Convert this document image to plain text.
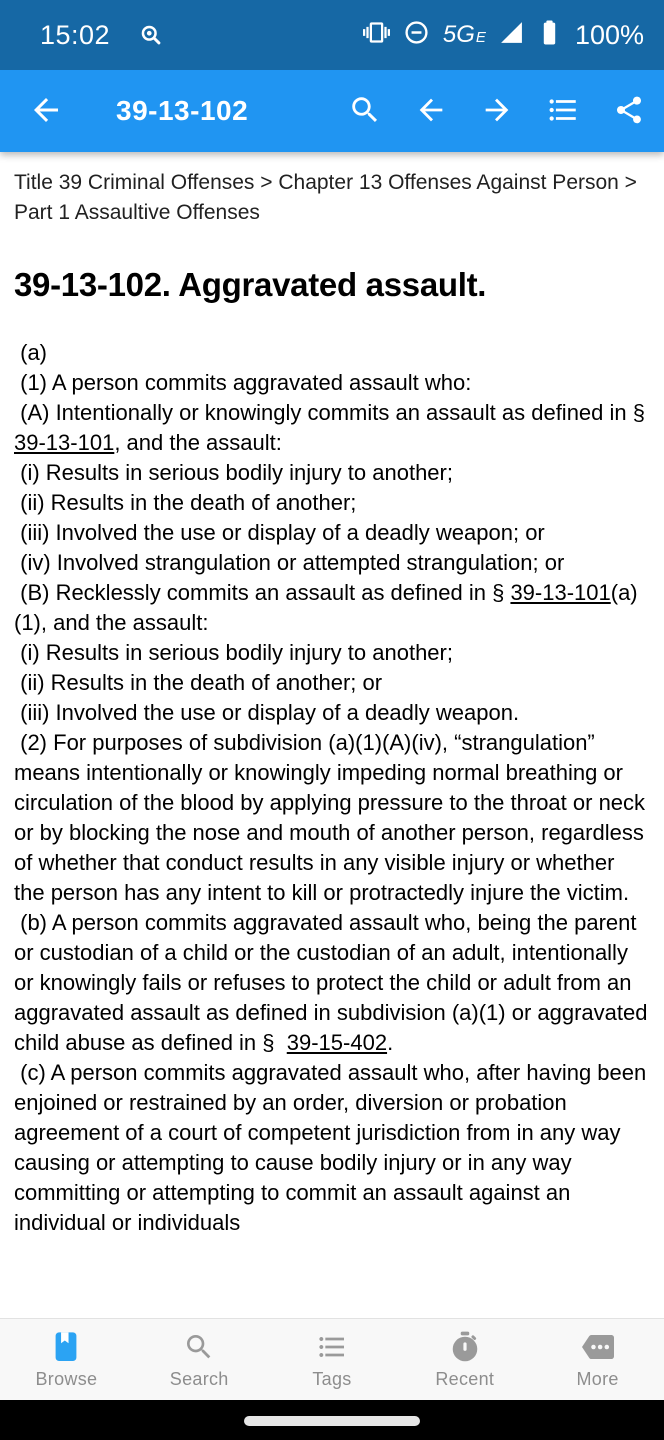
15:02	5G E	100%
39-13-102
Title 39 Criminal Offenses > Chapter 13 Offenses Against Person > Part 1 Assaultive Offenses
39-13-102. Aggravated assault.

(a)

(1) A person commits aggravated assault who:

(A) Intentionally or knowingly commits an assault as defined in § 39-13-101, and the assault:

(i) Results in serious bodily injury to another;

(ii) Results in the death of another;

(iii) Involved the use or display of a deadly weapon; or

(iv) Involved strangulation or attempted strangulation; or

(B) Recklessly commits an assault as defined in § 39-13-101(a)(1), and the assault:

(i) Results in serious bodily injury to another;

(ii) Results in the death of another; or

(iii) Involved the use or display of a deadly weapon.

(2) For purposes of subdivision (a)(1)(A)(iv), “strangulation” means intentionally or knowingly impeding normal breathing or circulation of the blood by applying pressure to the throat or neck or by blocking the nose and mouth of another person, regardless of whether that conduct results in any visible injury or whether the person has any intent to kill or protractedly injure the victim.

(b) A person commits aggravated assault who, being the parent or custodian of a child or the custodian of an adult, intentionally or knowingly fails or refuses to protect the child or adult from an aggravated assault as defined in subdivision (a)(1) or aggravated child abuse as defined in §  39-15-402.

(c) A person commits aggravated assault who, after having been enjoined or restrained by an order, diversion or probation agreement of a court of competent jurisdiction from in any way causing or attempting to cause bodily injury or in any way committing or attempting to commit an assault against an individual or individuals

Browse	Search	Tags	Recent	More
